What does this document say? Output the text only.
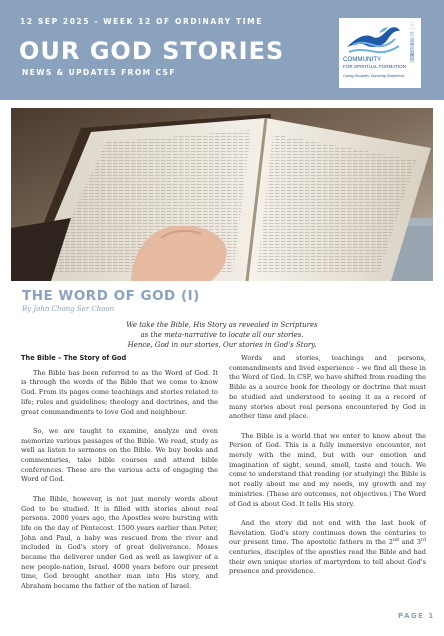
12 SEP 2025 - WEEK 12 OF ORDINARY TIME
OUR GOD STORIES
NEWS & UPDATES FROM CSF
三一生命塑造團契
COMMUNITY
FOR SPIRITUAL FORMATION
Caring Disciples, Nurturing Shepherds
THE WORD OF GOD (I)
By John Chong Ser Choon
We take the Bible, His Story as revealed in Scriptures
as the meta-narrative to locate all our stories.
Hence, God in our stories, Our stories in God's Story.
The Bible – The Story of God

The Bible has been referred to as the Word of God. It is through the words of the Bible that we come to know God. From its pages come teachings and stories related to life; rules and guidelines; theology and doctrines, and the great commandments to love God and neighbour.

So, we are taught to examine, analyze and even memorize various passages of the Bible. We read, study as well as listen to sermons on the Bible. We buy books and commentaries, take bible courses and attend bible conferences. These are the various acts of engaging the Word of God.

The Bible, however, is not just merely words about God to be studied. It is filled with stories about real persons. 2000 years ago, the Apostles were bursting with life on the day of Pentecost. 1500 years earlier than Peter, John and Paul, a baby was rescued from the river and included in God's story of great deliverance. Moses became the deliverer under God as well as lawgiver of a new people-nation, Israel. 4000 years before our present time, God brought another man into His story, and Abraham became the father of the nation of Israel.

Words and stories, teachings and persons, commandments and lived experience – we find all these in the Word of God. In CSF, we have shifted from reading the Bible as a source book for theology or doctrine that must be studied and understood to seeing it as a record of many stories about real persons encountered by God in another time and place.

The Bible is a world that we enter to know about the Person of God. This is a fully immersive encounter, not merely with the mind, but with our emotion and imagination of sight, sound, smell, taste and touch. We come to understand that reading (or studying) the Bible is not really about me and my needs, my growth and my ministries. (These are outcomes, not objectives.) The Word of God is about God. It tells His story.

And the story did not end with the last book of Revelation. God's story continues down the centuries to our present time. The apostolic fathers in the 2nd and 3rd centuries, disciples of the apostles read the Bible and had their own unique stories of martyrdom to tell about God's presence and providence.

PAGE 1
